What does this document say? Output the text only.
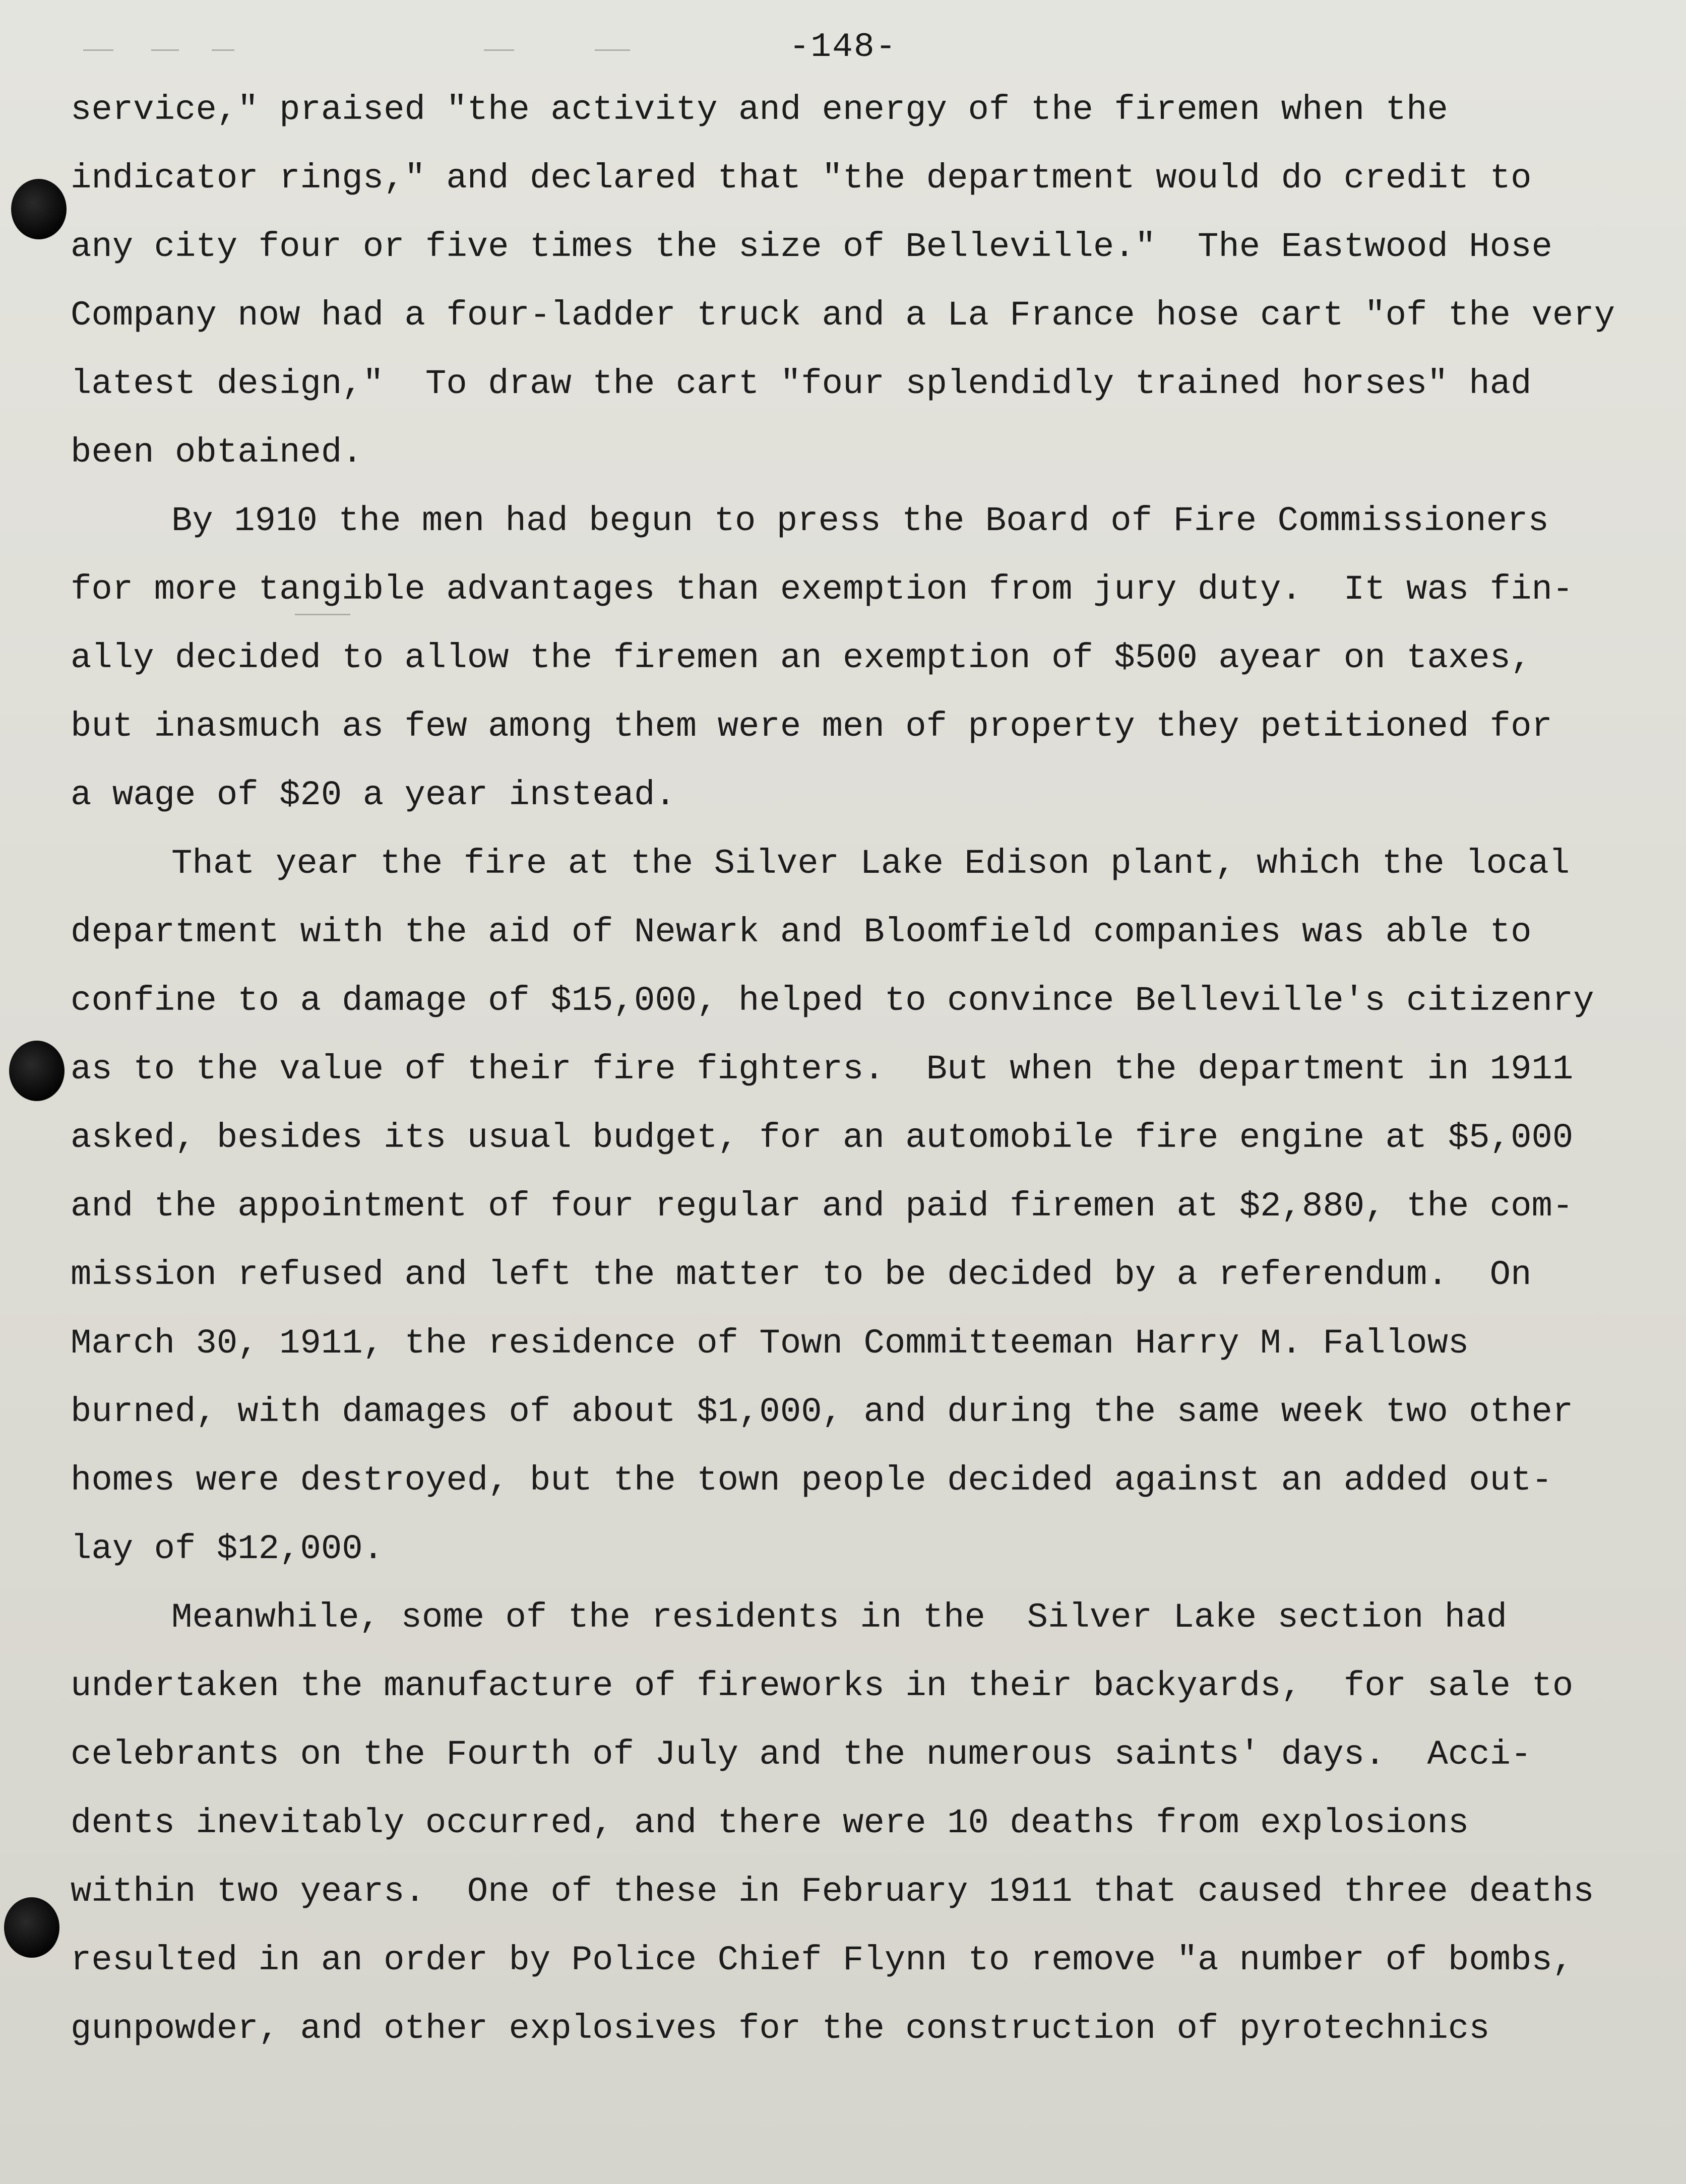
-148-
service," praised "the activity and energy of the firemen when the
indicator rings," and declared that "the department would do credit to
any city four or five times the size of Belleville."  The Eastwood Hose
Company now had a four-ladder truck and a La France hose cart "of the very
latest design,"  To draw the cart "four splendidly trained horses" had
been obtained.
By 1910 the men had begun to press the Board of Fire Commissioners
for more tangible advantages than exemption from jury duty.  It was fin-
ally decided to allow the firemen an exemption of $500 ayear on taxes,
but inasmuch as few among them were men of property they petitioned for
a wage of $20 a year instead.
That year the fire at the Silver Lake Edison plant, which the local
department with the aid of Newark and Bloomfield companies was able to
confine to a damage of $15,000, helped to convince Belleville's citizenry
as to the value of their fire fighters.  But when the department in 1911
asked, besides its usual budget, for an automobile fire engine at $5,000
and the appointment of four regular and paid firemen at $2,880, the com-
mission refused and left the matter to be decided by a referendum.  On
March 30, 1911, the residence of Town Committeeman Harry M. Fallows
burned, with damages of about $1,000, and during the same week two other
homes were destroyed, but the town people decided against an added out-
lay of $12,000.
Meanwhile, some of the residents in the  Silver Lake section had
undertaken the manufacture of fireworks in their backyards,  for sale to
celebrants on the Fourth of July and the numerous saints' days.  Acci-
dents inevitably occurred, and there were 10 deaths from explosions
within two years.  One of these in February 1911 that caused three deaths
resulted in an order by Police Chief Flynn to remove "a number of bombs,
gunpowder, and other explosives for the construction of pyrotechnics
